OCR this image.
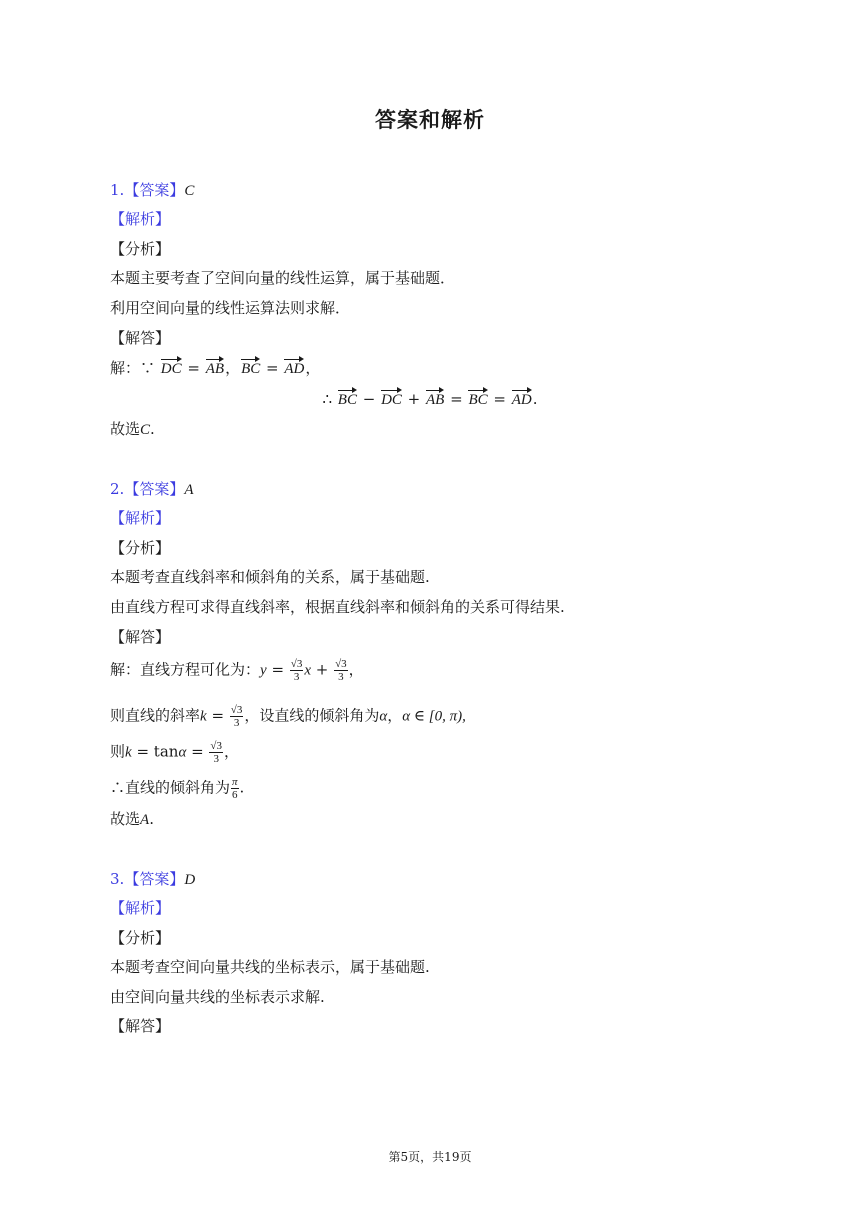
答案和解析
1.【答案】C
【解析】
【分析】
本题主要考查了空间向量的线性运算，属于基础题．
利用空间向量的线性运算法则求解．
【解答】
解：∵ DC = AB，BC = AD，
∴ BC − DC + AB = BC = AD.
故选C.
2.【答案】A
【解析】
【分析】
本题考查直线斜率和倾斜角的关系，属于基础题.
由直线方程可求得直线斜率，根据直线斜率和倾斜角的关系可得结果.
【解答】
解：直线方程可化为：$y = \frac{√3}{3}$ $x + \frac{√3}{3}$ ，
则直线的斜率$k = \frac{√3}{3}$ ，设直线的倾斜角为α，α ∈ [0, π),
则$k = \tan\alpha = \frac{√3}{3}$ ，
∴直线的倾斜角为 $\frac{\pi}{6}$ .
故选A.
3.【答案】D
【解析】
【分析】
本题考查空间向量共线的坐标表示，属于基础题.
由空间向量共线的坐标表示求解.
【解答】
第5页，共19页
